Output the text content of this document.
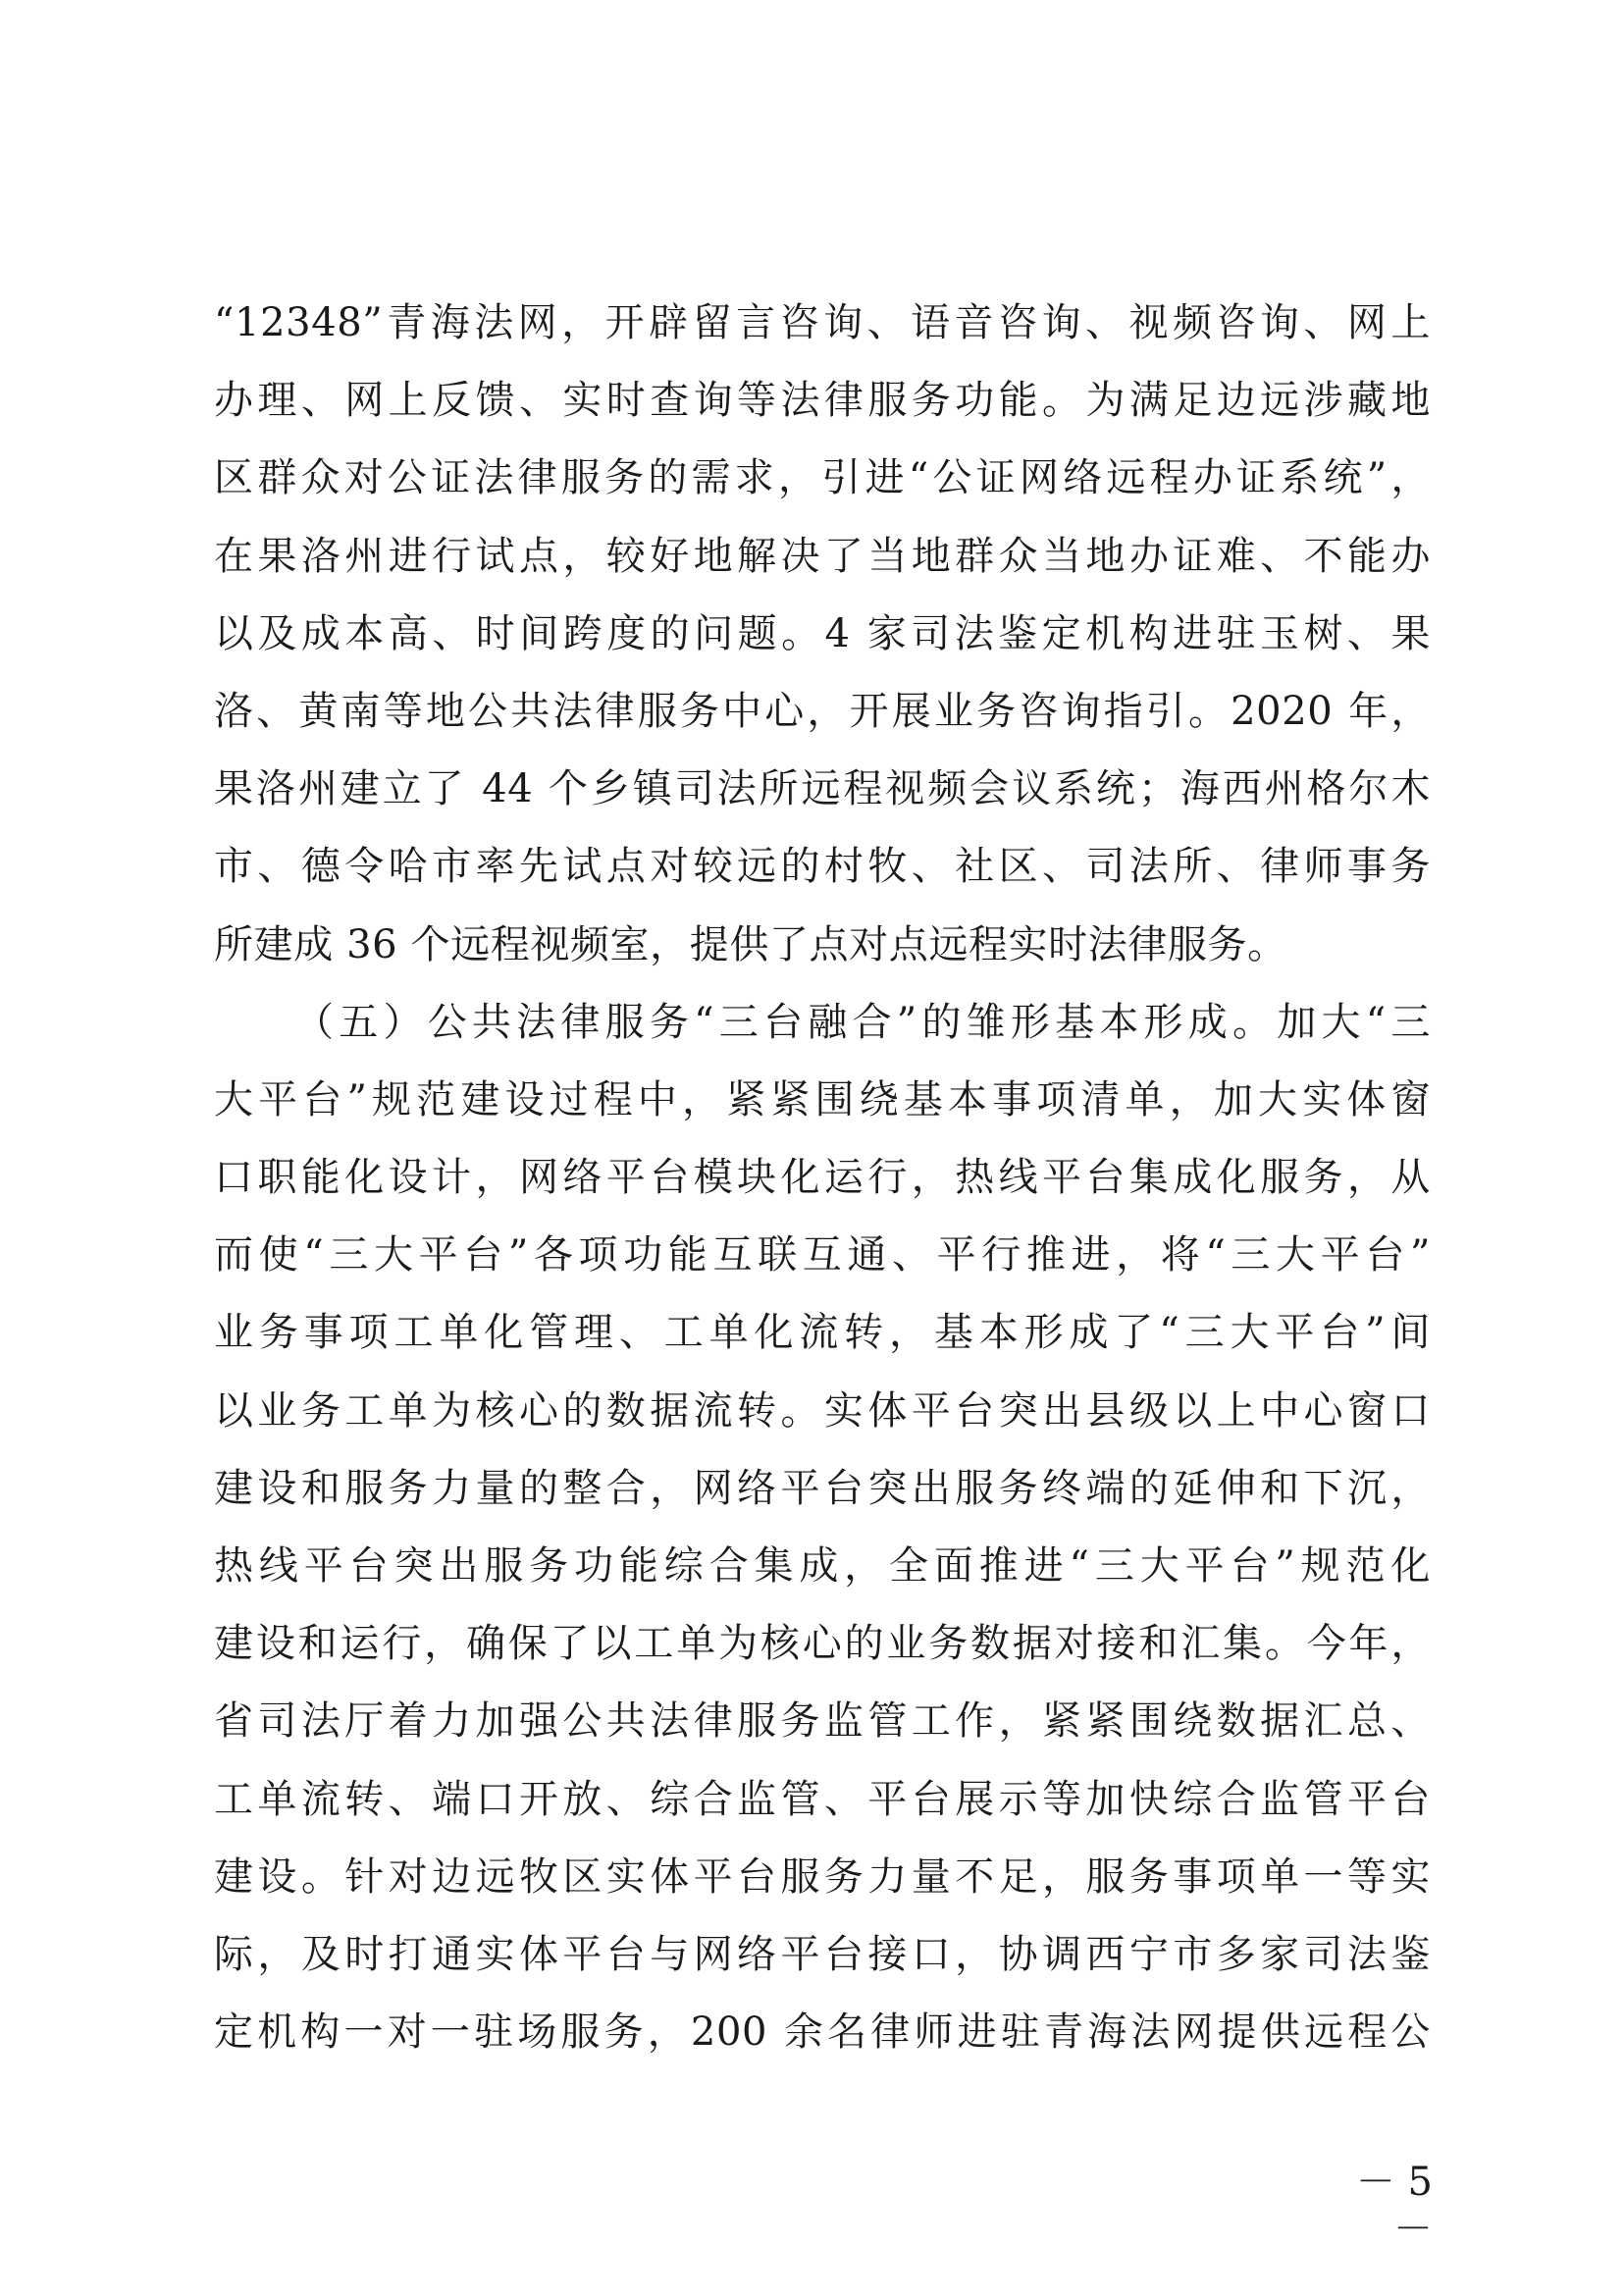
“12348”青海法网，开辟留言咨询、语音咨询、视频咨询、网上
办理、网上反馈、实时查询等法律服务功能。为满足边远涉藏地
区群众对公证法律服务的需求，引进“公证网络远程办证系统”，
在果洛州进行试点，较好地解决了当地群众当地办证难、不能办
以及成本高、时间跨度的问题。4 家司法鉴定机构进驻玉树、果
洛、黄南等地公共法律服务中心，开展业务咨询指引。2020 年，
果洛州建立了 44 个乡镇司法所远程视频会议系统；海西州格尔木
市、德令哈市率先试点对较远的村牧、社区、司法所、律师事务
所建成 36 个远程视频室，提供了点对点远程实时法律服务。
（五）公共法律服务“三台融合”的雏形基本形成。加大“三
大平台”规范建设过程中，紧紧围绕基本事项清单，加大实体窗
口职能化设计，网络平台模块化运行，热线平台集成化服务，从
而使“三大平台”各项功能互联互通、平行推进，将“三大平台”
业务事项工单化管理、工单化流转，基本形成了“三大平台”间
以业务工单为核心的数据流转。实体平台突出县级以上中心窗口
建设和服务力量的整合，网络平台突出服务终端的延伸和下沉，
热线平台突出服务功能综合集成，全面推进“三大平台”规范化
建设和运行，确保了以工单为核心的业务数据对接和汇集。今年，
省司法厅着力加强公共法律服务监管工作，紧紧围绕数据汇总、
工单流转、端口开放、综合监管、平台展示等加快综合监管平台
建设。针对边远牧区实体平台服务力量不足，服务事项单一等实
际，及时打通实体平台与网络平台接口，协调西宁市多家司法鉴
定机构一对一驻场服务，200 余名律师进驻青海法网提供远程公
－ 5 －
